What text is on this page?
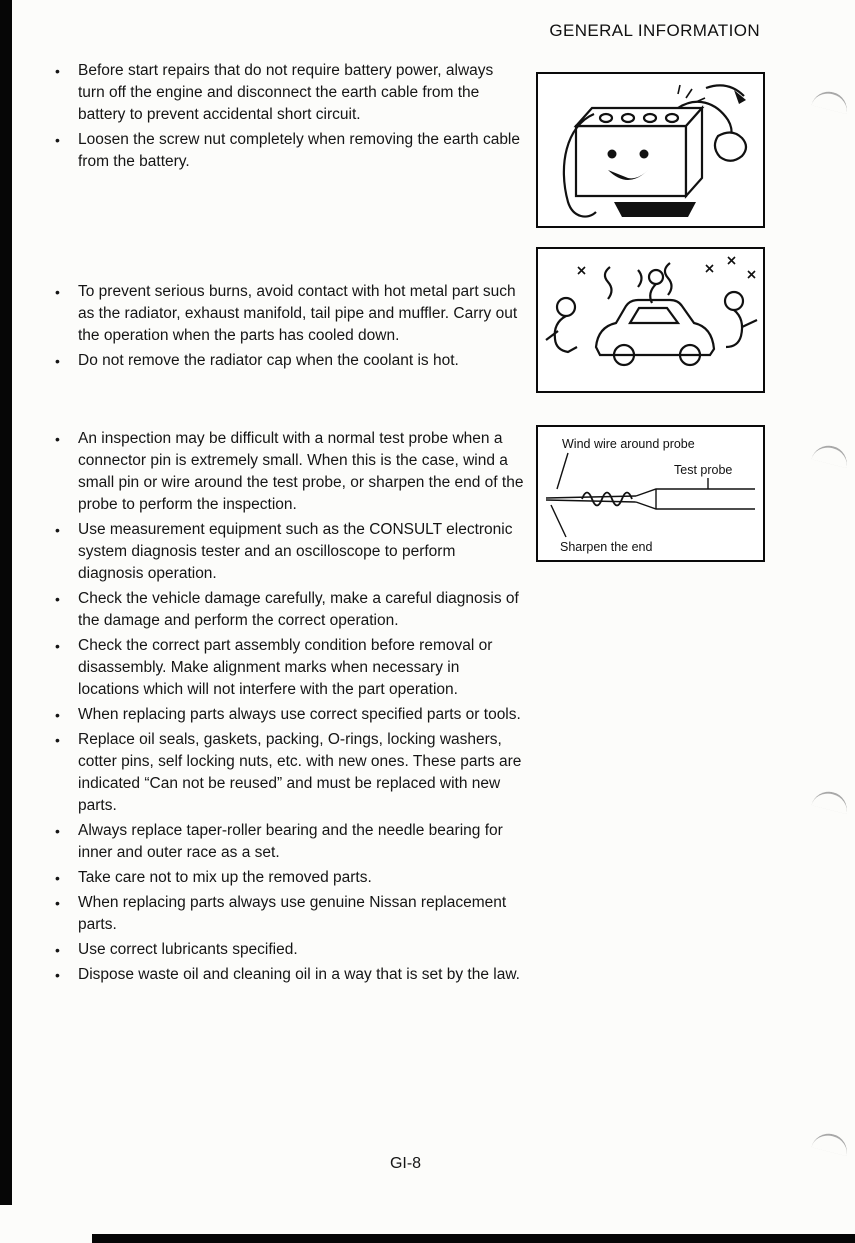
GENERAL INFORMATION
• Before start repairs that do not require battery power, always turn off the engine and disconnect the earth cable from the battery to prevent accidental short circuit.
• Loosen the screw nut completely when removing the earth cable from the battery.
• To prevent serious burns, avoid contact with hot metal part such as the radiator, exhaust manifold, tail pipe and muffler. Carry out the operation when the parts has cooled down.
• Do not remove the radiator cap when the coolant is hot.
• An inspection may be difficult with a normal test probe when a connector pin is extremely small. When this is the case, wind a small pin or wire around the test probe, or sharpen the end of the probe to perform the inspection.
• Use measurement equipment such as the CONSULT electronic system diagnosis tester and an oscilloscope to perform diagnosis operation.
• Check the vehicle damage carefully, make a careful diagnosis of the damage and perform the correct operation.
• Check the correct part assembly condition before removal or disassembly. Make alignment marks when necessary in locations which will not interfere with the part operation.
• When replacing parts always use correct specified parts or tools.
• Replace oil seals, gaskets, packing, O-rings, locking washers, cotter pins, self locking nuts, etc. with new ones. These parts are indicated “Can not be reused” and must be replaced with new parts.
• Always replace taper-roller bearing and the needle bearing for inner and outer race as a set.
• Take care not to mix up the removed parts.
• When replacing parts always use genuine Nissan replacement parts.
• Use correct lubricants specified.
• Dispose waste oil and cleaning oil in a way that is set by the law.
Wind wire around probe
Test probe
Sharpen the end
GI-8
